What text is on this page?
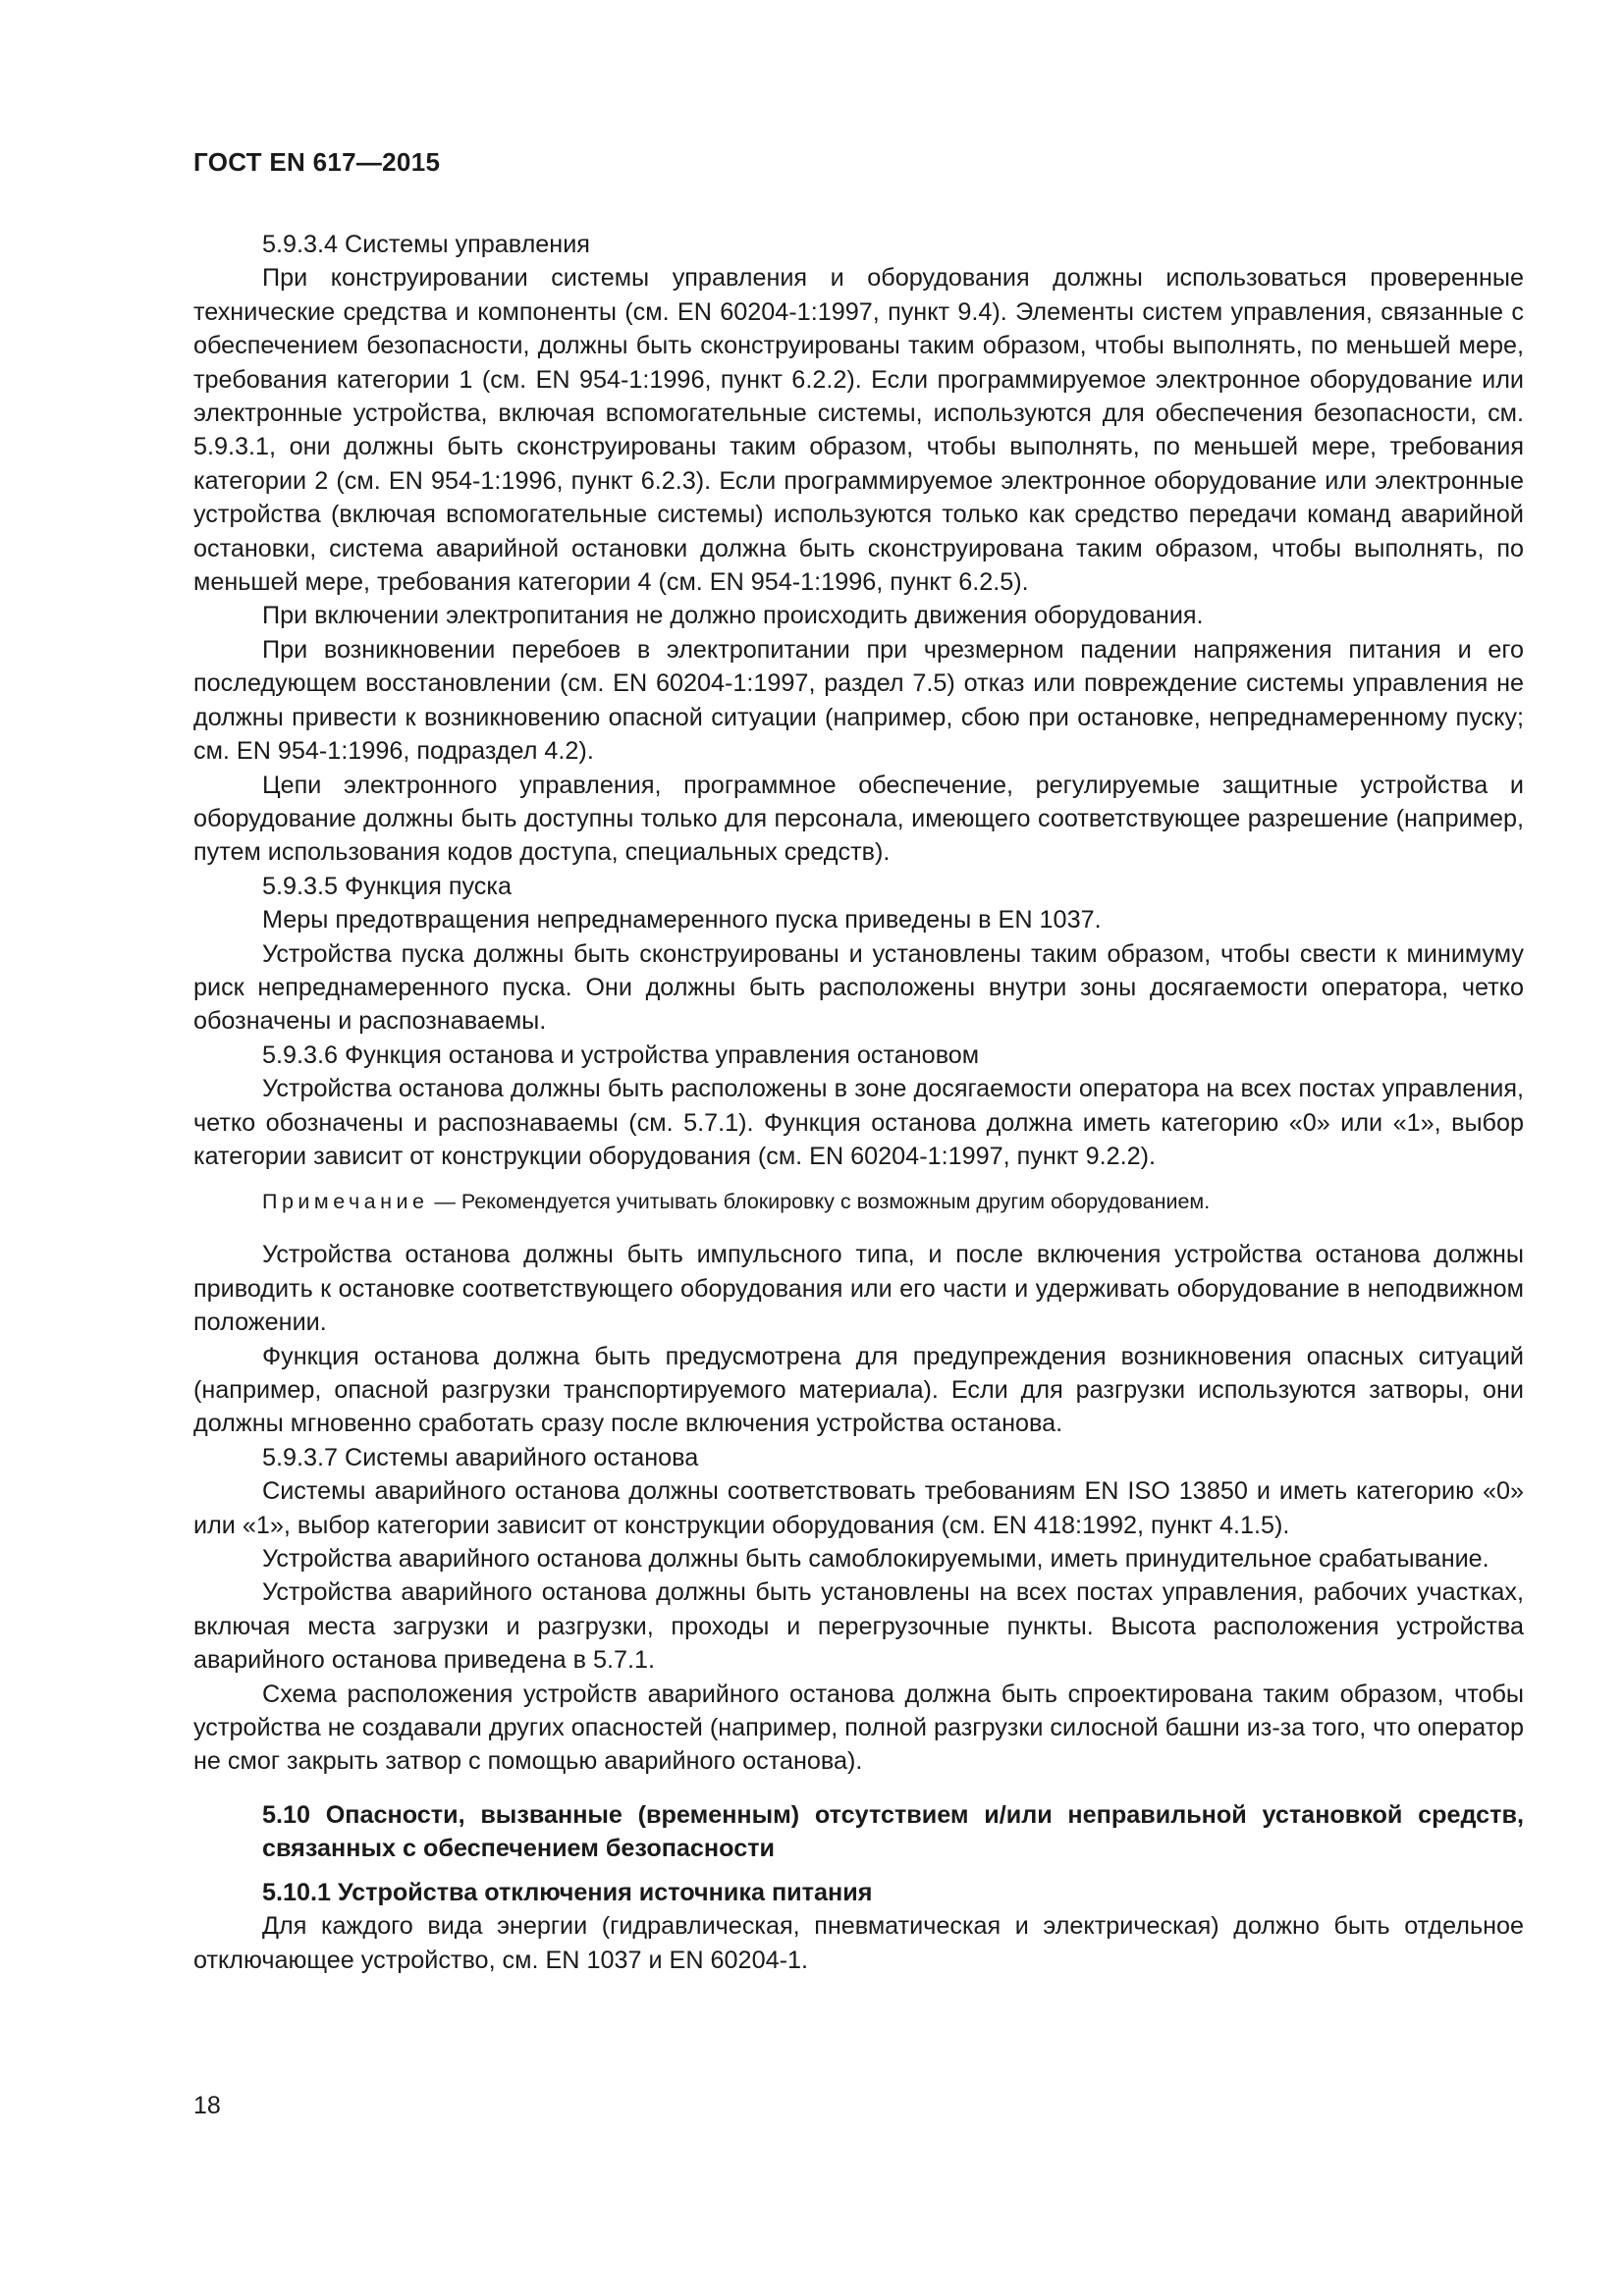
ГОСТ EN 617—2015

5.9.3.4 Системы управления

При конструировании системы управления и оборудования должны использоваться проверенные технические средства и компоненты (см. EN 60204-1:1997, пункт 9.4). Элементы систем управления, связанные с обеспечением безопасности, должны быть сконструированы таким образом, чтобы выполнять, по меньшей мере, требования категории 1 (см. EN 954-1:1996, пункт 6.2.2). Если программируемое электронное оборудование или электронные устройства, включая вспомогательные системы, используются для обеспечения безопасности, см. 5.9.3.1, они должны быть сконструированы таким образом, чтобы выполнять, по меньшей мере, требования категории 2 (см. EN 954-1:1996, пункт 6.2.3). Если программируемое электронное оборудование или электронные устройства (включая вспомогательные системы) используются только как средство передачи команд аварийной остановки, система аварийной остановки должна быть сконструирована таким образом, чтобы выполнять, по меньшей мере, требования категории 4 (см. EN 954-1:1996, пункт 6.2.5).

При включении электропитания не должно происходить движения оборудования.

При возникновении перебоев в электропитании при чрезмерном падении напряжения питания и его последующем восстановлении (см. EN 60204-1:1997, раздел 7.5) отказ или повреждение системы управления не должны привести к возникновению опасной ситуации (например, сбою при остановке, непреднамеренному пуску; см. EN 954-1:1996, подраздел 4.2).

Цепи электронного управления, программное обеспечение, регулируемые защитные устройства и оборудование должны быть доступны только для персонала, имеющего соответствующее разрешение (например, путем использования кодов доступа, специальных средств).

5.9.3.5 Функция пуска

Меры предотвращения непреднамеренного пуска приведены в EN 1037.

Устройства пуска должны быть сконструированы и установлены таким образом, чтобы свести к минимуму риск непреднамеренного пуска. Они должны быть расположены внутри зоны досягаемости оператора, четко обозначены и распознаваемы.

5.9.3.6 Функция останова и устройства управления остановом

Устройства останова должны быть расположены в зоне досягаемости оператора на всех постах управления, четко обозначены и распознаваемы (см. 5.7.1). Функция останова должна иметь категорию «0» или «1», выбор категории зависит от конструкции оборудования (см. EN 60204-1:1997, пункт 9.2.2).

Примечание — Рекомендуется учитывать блокировку с возможным другим оборудованием.

Устройства останова должны быть импульсного типа, и после включения устройства останова должны приводить к остановке соответствующего оборудования или его части и удерживать оборудование в неподвижном положении.

Функция останова должна быть предусмотрена для предупреждения возникновения опасных ситуаций (например, опасной разгрузки транспортируемого материала). Если для разгрузки используются затворы, они должны мгновенно сработать сразу после включения устройства останова.

5.9.3.7 Системы аварийного останова

Системы аварийного останова должны соответствовать требованиям EN ISO 13850 и иметь категорию «0» или «1», выбор категории зависит от конструкции оборудования (см. EN 418:1992, пункт 4.1.5).

Устройства аварийного останова должны быть самоблокируемыми, иметь принудительное срабатывание.

Устройства аварийного останова должны быть установлены на всех постах управления, рабочих участках, включая места загрузки и разгрузки, проходы и перегрузочные пункты. Высота расположения устройства аварийного останова приведена в 5.7.1.

Схема расположения устройств аварийного останова должна быть спроектирована таким образом, чтобы устройства не создавали других опасностей (например, полной разгрузки силосной башни из-за того, что оператор не смог закрыть затвор с помощью аварийного останова).

5.10 Опасности, вызванные (временным) отсутствием и/или неправильной установкой средств, связанных с обеспечением безопасности

5.10.1 Устройства отключения источника питания

Для каждого вида энергии (гидравлическая, пневматическая и электрическая) должно быть отдельное отключающее устройство, см. EN 1037 и EN 60204-1.

18
